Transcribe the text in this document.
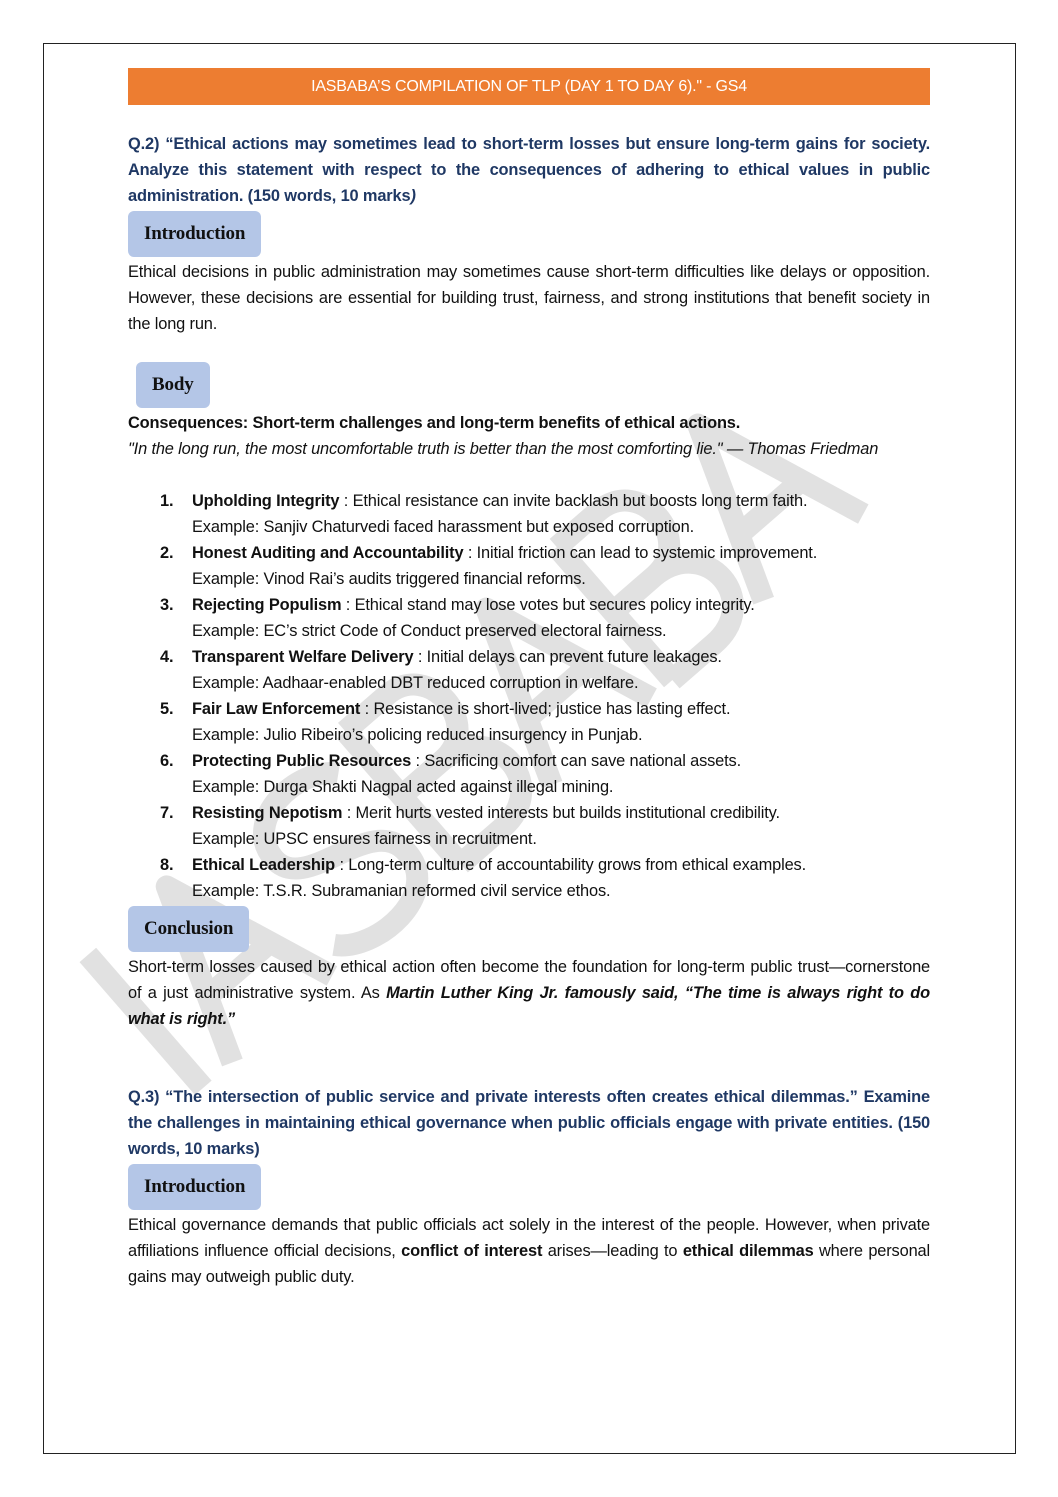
IASBABA’S COMPILATION OF TLP (DAY 1 TO DAY 6)." - GS4

Q.2) “Ethical actions may sometimes lead to short-term losses but ensure long-term gains for society. Analyze this statement with respect to the consequences of adhering to ethical values in public administration. (150 words, 10 marks)

Introduction

Ethical decisions in public administration may sometimes cause short-term difficulties like delays or opposition. However, these decisions are essential for building trust, fairness, and strong institutions that benefit society in the long run.

Body

Consequences: Short-term challenges and long-term benefits of ethical actions.

"In the long run, the most uncomfortable truth is better than the most comforting lie." — Thomas Friedman

1. Upholding Integrity : Ethical resistance can invite backlash but boosts long term faith.
Example: Sanjiv Chaturvedi faced harassment but exposed corruption.
2. Honest Auditing and Accountability : Initial friction can lead to systemic improvement.
Example: Vinod Rai’s audits triggered financial reforms.
3. Rejecting Populism : Ethical stand may lose votes but secures policy integrity.
Example: EC’s strict Code of Conduct preserved electoral fairness.
4. Transparent Welfare Delivery : Initial delays can prevent future leakages.
Example: Aadhaar-enabled DBT reduced corruption in welfare.
5. Fair Law Enforcement : Resistance is short-lived; justice has lasting effect.
Example: Julio Ribeiro’s policing reduced insurgency in Punjab.
6. Protecting Public Resources : Sacrificing comfort can save national assets.
Example: Durga Shakti Nagpal acted against illegal mining.
7. Resisting Nepotism : Merit hurts vested interests but builds institutional credibility.
Example: UPSC ensures fairness in recruitment.
8. Ethical Leadership : Long-term culture of accountability grows from ethical examples.
Example: T.S.R. Subramanian reformed civil service ethos.
Conclusion

Short-term losses caused by ethical action often become the foundation for long-term public trust—cornerstone of a just administrative system. As Martin Luther King Jr. famously said, “The time is always right to do what is right.”

Q.3) “The intersection of public service and private interests often creates ethical dilemmas.” Examine the challenges in maintaining ethical governance when public officials engage with private entities. (150 words, 10 marks)

Introduction

Ethical governance demands that public officials act solely in the interest of the people. However, when private affiliations influence official decisions, conflict of interest arises—leading to ethical dilemmas where personal gains may outweigh public duty.
